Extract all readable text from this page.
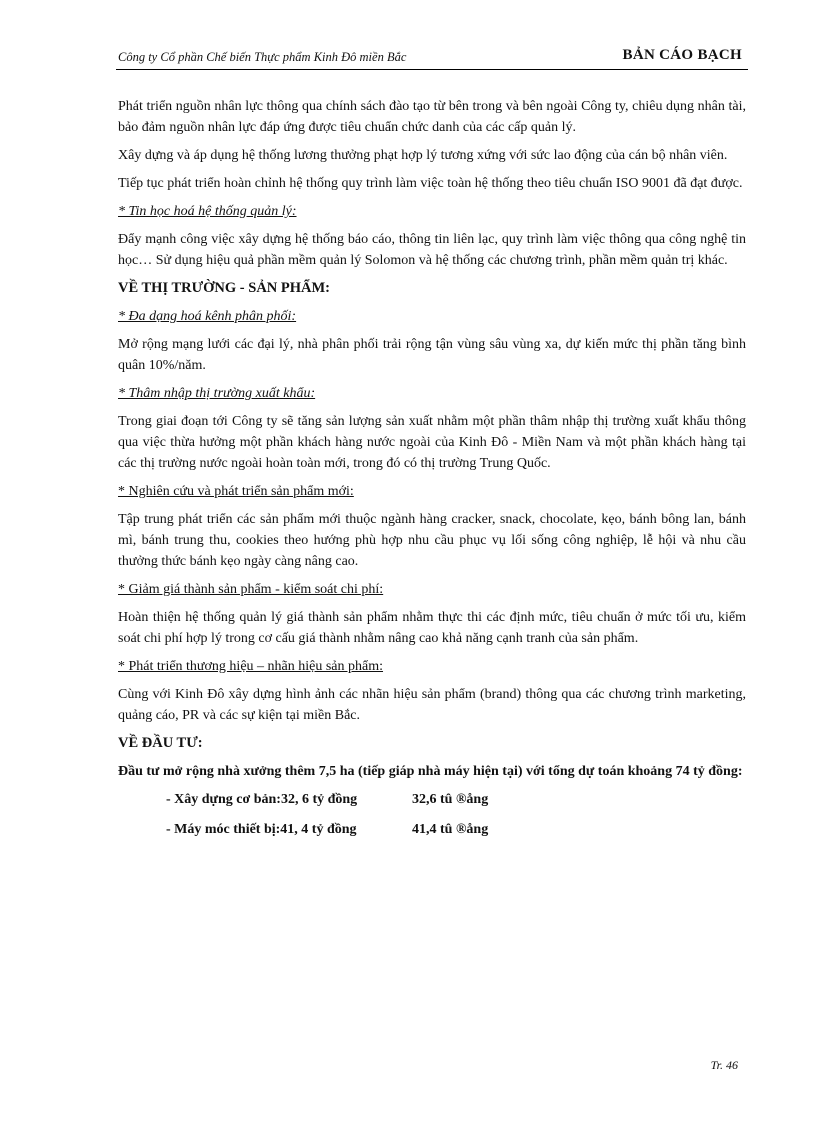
Công ty Cổ phần Chế biến Thực phẩm Kinh Đô miền Bắc	BẢN CÁO BẠCH

Phát triển nguồn nhân lực thông qua chính sách đào tạo từ bên trong và bên ngoài Công ty, chiêu dụng nhân tài, bảo đảm nguồn nhân lực đáp ứng được tiêu chuẩn chức danh của các cấp quản lý.

Xây dựng và áp dụng hệ thống lương thưởng phạt hợp lý tương xứng với sức lao động của cán bộ nhân viên.

Tiếp tục phát triển hoàn chỉnh hệ thống quy trình làm việc toàn hệ thống theo tiêu chuẩn ISO 9001 đã đạt được.

* Tin học hoá hệ thống quản lý:

Đẩy mạnh công việc xây dựng hệ thống báo cáo, thông tin liên lạc, quy trình làm việc thông qua công nghệ tin học… Sử dụng hiệu quả phần mềm quản lý Solomon và hệ thống các chương trình, phần mềm quản trị khác.

VỀ THỊ TRƯỜNG - SẢN PHẨM:

* Đa dạng hoá kênh phân phối:

Mở rộng mạng lưới các đại lý, nhà phân phối trải rộng tận vùng sâu vùng xa, dự kiến mức thị phần tăng bình quân 10%/năm.

* Thâm nhập thị trường xuất khẩu:

Trong giai đoạn tới Công ty sẽ tăng sản lượng sản xuất nhằm một phần thâm nhập thị trường xuất khẩu thông qua việc thừa hưởng một phần khách hàng nước ngoài của Kinh Đô - Miền Nam và một phần khách hàng tại các thị trường nước ngoài hoàn toàn mới, trong đó có thị trường Trung Quốc.

* Nghiên cứu và phát triển sản phẩm mới:

Tập trung phát triển các sản phẩm mới thuộc ngành hàng cracker, snack, chocolate, kẹo, bánh bông lan, bánh mì, bánh trung thu, cookies theo hướng phù hợp nhu cầu phục vụ lối sống công nghiệp, lễ hội và nhu cầu thưởng thức bánh kẹo ngày càng nâng cao.

* Giảm giá thành sản phẩm - kiểm soát chi phí:

Hoàn thiện hệ thống quản lý giá thành sản phẩm nhằm thực thi các định mức, tiêu chuẩn ở mức tối ưu, kiểm soát chi phí hợp lý trong cơ cấu giá thành nhằm nâng cao khả năng cạnh tranh của sản phẩm.

* Phát triển thương hiệu – nhãn hiệu sản phẩm:

Cùng với Kinh Đô xây dựng hình ảnh các nhãn hiệu sản phẩm (brand) thông qua các chương trình marketing, quảng cáo, PR và các sự kiện tại miền Bắc.

VỀ ĐẦU TƯ:

Đầu tư mở rộng nhà xưởng thêm 7,5 ha (tiếp giáp nhà máy hiện tại) với tổng dự toán khoảng 74 tỷ đồng:

- Xây dựng cơ bản:32, 6 tỷ đồng	32,6 tû ®ång
- Máy móc thiết bị:41, 4 tỷ đồng	41,4 tû ®ång
Tr. 46
